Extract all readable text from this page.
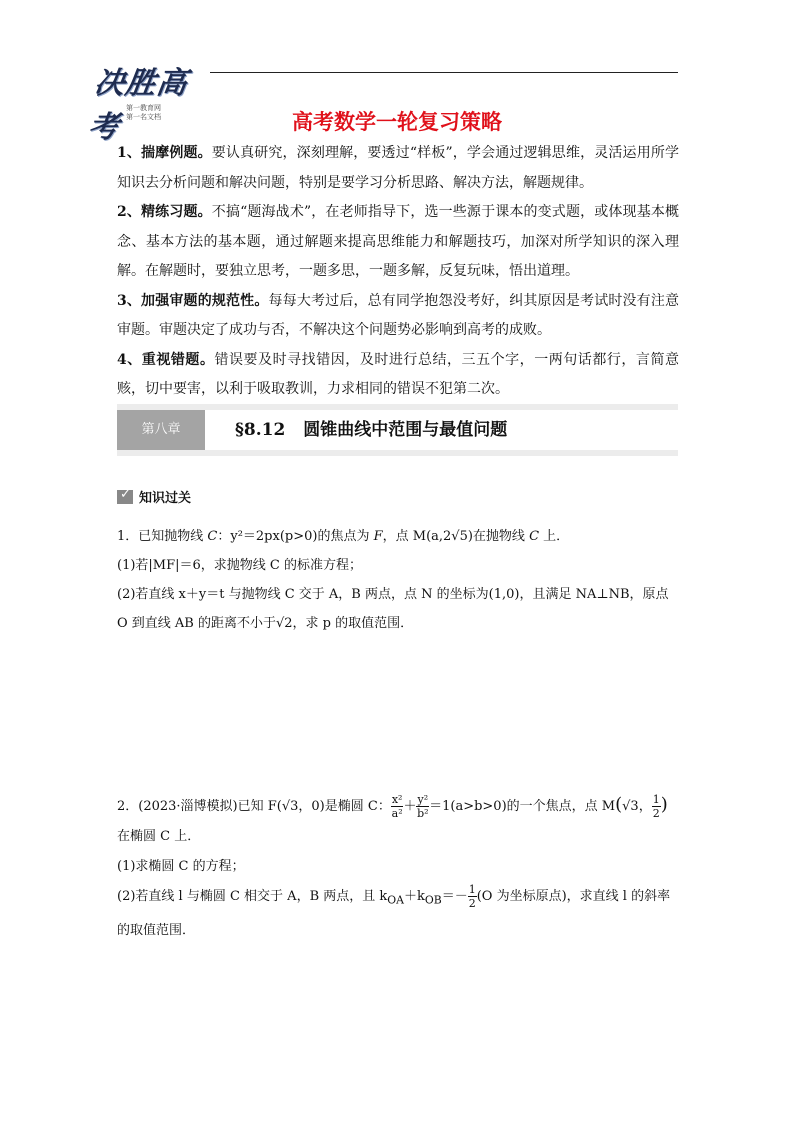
决胜高考
第一教育网
第一名文档	高考数学一轮复习策略
1、揣摩例题。要认真研究，深刻理解，要透过“样板”，学会通过逻辑思维，灵活运用所学知识去分析问题和解决问题，特别是要学习分析思路、解决方法，解题规律。
2、精练习题。不搞“题海战术”，在老师指导下，选一些源于课本的变式题，或体现基本概念、基本方法的基本题，通过解题来提高思维能力和解题技巧，加深对所学知识的深入理解。在解题时，要独立思考，一题多思，一题多解，反复玩味，悟出道理。
3、加强审题的规范性。每每大考过后，总有同学抱怨没考好，纠其原因是考试时没有注意审题。审题决定了成功与否，不解决这个问题势必影响到高考的成败。
4、重视错题。错误要及时寻找错因，及时进行总结，三五个字，一两句话都行，言简意赅，切中要害，以利于吸取教训，力求相同的错误不犯第二次。
第八章	§8.12 圆锥曲线中范围与最值问题
✓知识过关
1．已知抛物线 C：y²＝2px(p>0)的焦点为 F，点 M(a,2√5)在抛物线 C 上．
(1)若|MF|＝6，求抛物线 C 的标准方程；
(2)若直线 x＋y＝t 与抛物线 C 交于 A，B 两点，点 N 的坐标为(1,0)，且满足 NA⊥NB，原点 O 到直线 AB 的距离不小于√2，求 p 的取值范围．
2．(2023·淄博模拟)已知 F(√3，0)是椭圆 C： $\frac{\text{x²}}{\text{a²}} + \frac{\text{y²}}{\text{b²}} =1(a>b>0)$的一个焦点，点 M(√3， $\frac{1}{2}$ )在椭圆 C 上．
(1)求椭圆 C 的方程；
(2)若直线 l 与椭圆 C 相交于 A，B 两点，且 $k_{OA}+k_{OB}=- \frac{1}{2} (O$ 为坐标原点)，求直线 l 的斜率的取值范围．
